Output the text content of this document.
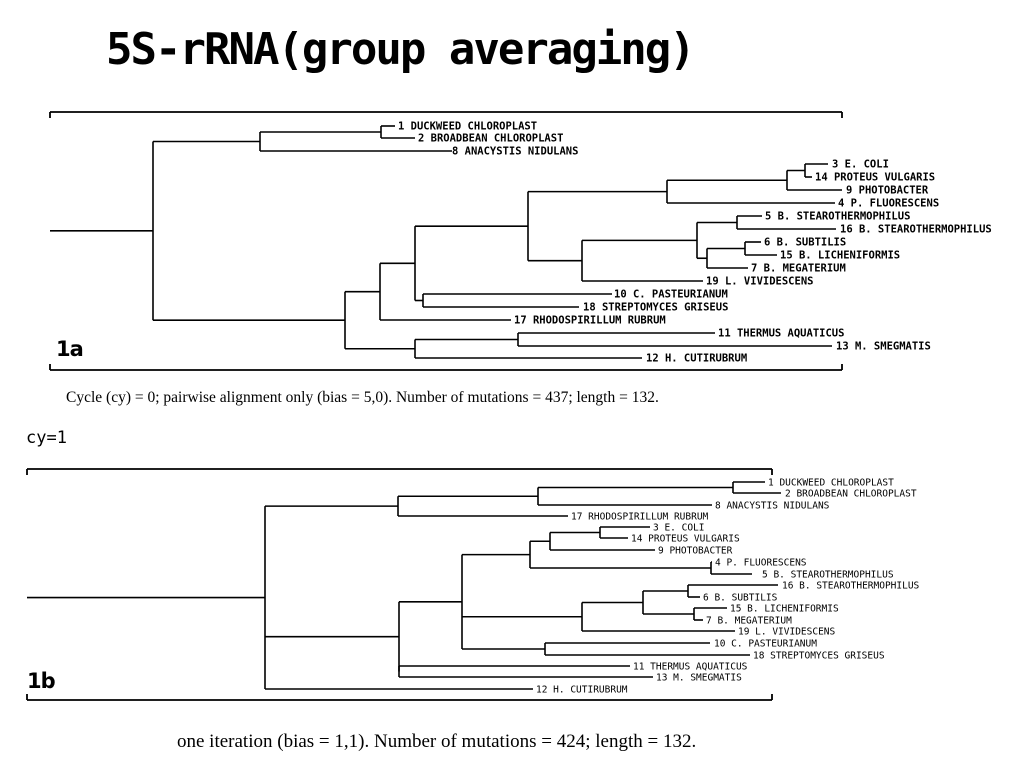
5S-rRNA(group averaging)
1 DUCKWEED CHLOROPLAST
2 BROADBEAN CHLOROPLAST
8 ANACYSTIS NIDULANS
3 E. COLI
14 PROTEUS VULGARIS
9 PHOTOBACTER
4 P. FLUORESCENS
5 B. STEAROTHERMOPHILUS
16 B. STEAROTHERMOPHILUS
6 B. SUBTILIS
15 B. LICHENIFORMIS
7 B. MEGATERIUM
19 L. VIVIDESCENS
10 C. PASTEURIANUM
18 STREPTOMYCES GRISEUS
17 RHODOSPIRILLUM RUBRUM
11 THERMUS AQUATICUS
13 M. SMEGMATIS
12 H. CUTIRUBRUM
1 DUCKWEED CHLOROPLAST
2 BROADBEAN CHLOROPLAST
8 ANACYSTIS NIDULANS
17 RHODOSPIRILLUM RUBRUM
3 E. COLI
14 PROTEUS VULGARIS
9 PHOTOBACTER
4 P. FLUORESCENS
5 B. STEAROTHERMOPHILUS
16 B. STEAROTHERMOPHILUS
6 B. SUBTILIS
15 B. LICHENIFORMIS
7 B. MEGATERIUM
19 L. VIVIDESCENS
10 C. PASTEURIANUM
18 STREPTOMYCES GRISEUS
11 THERMUS AQUATICUS
13 M. SMEGMATIS
12 H. CUTIRUBRUM
1a
Cycle (cy) = 0; pairwise alignment only (bias = 5,0). Number of mutations = 437; length = 132.
cy=1
1b
one iteration (bias = 1,1). Number of mutations = 424; length = 132.
